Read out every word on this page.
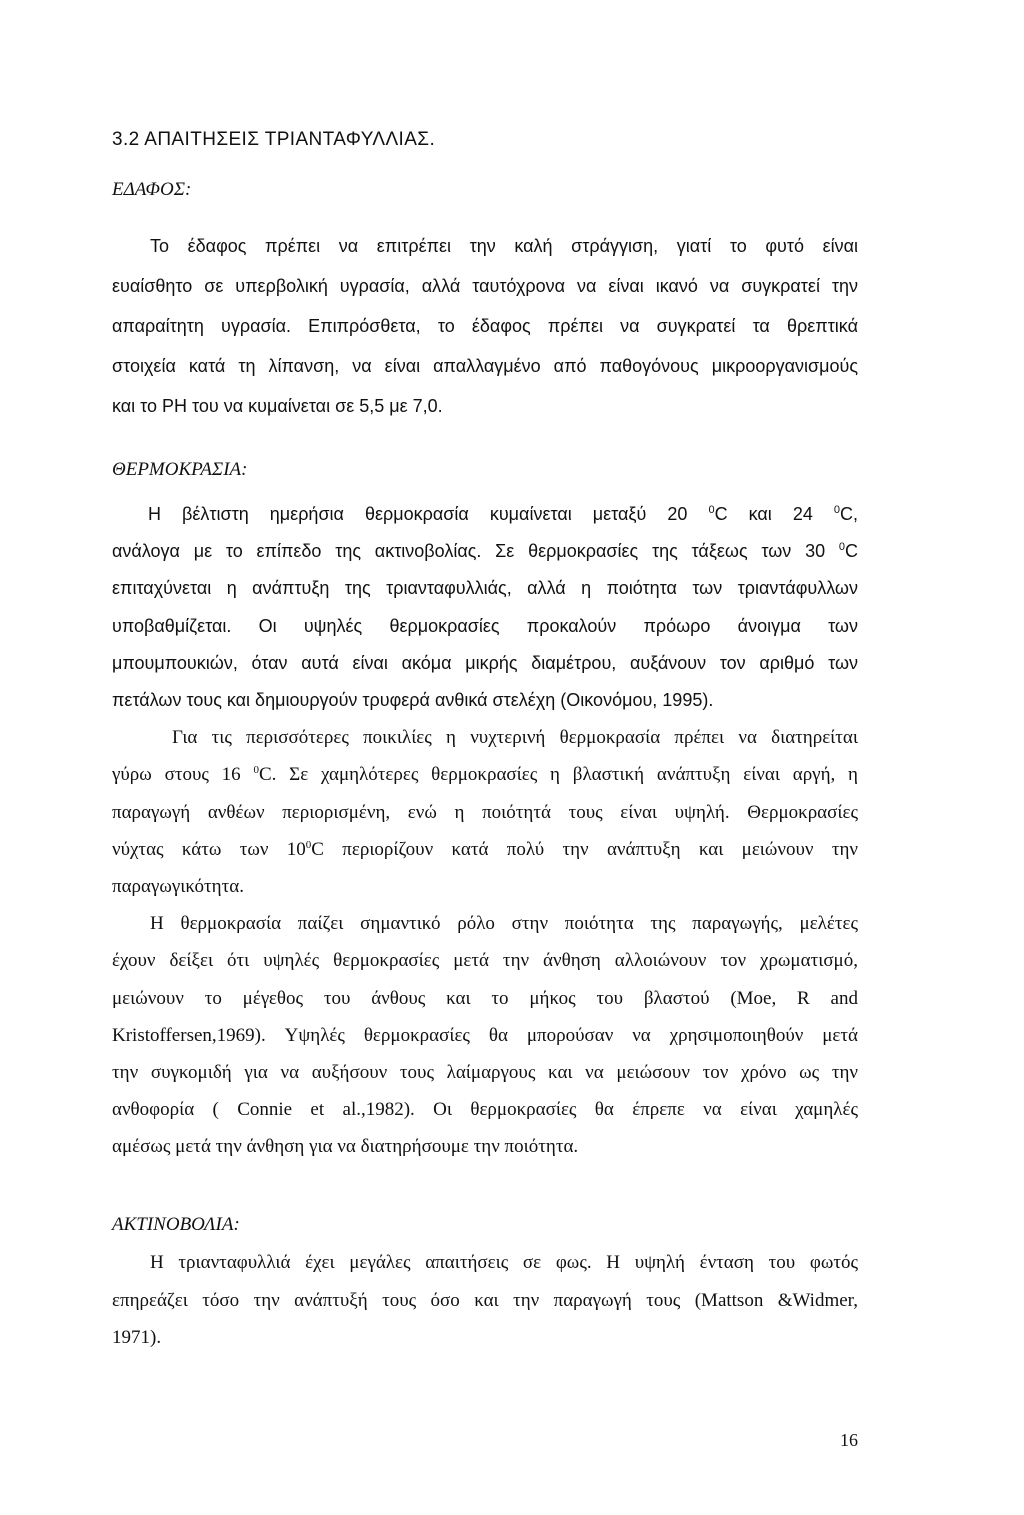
3.2 ΑΠΑΙΤΗΣΕΙΣ ΤΡΙΑΝΤΑΦΥΛΛΙΑΣ.
ΕΔΑΦΟΣ:
Το έδαφος πρέπει να επιτρέπει την καλή στράγγιση, γιατί το φυτό είναι
ευαίσθητο σε υπερβολική υγρασία, αλλά ταυτόχρονα να είναι ικανό να συγκρατεί την
απαραίτητη υγρασία. Επιπρόσθετα, το έδαφος πρέπει να συγκρατεί τα θρεπτικά
στοιχεία κατά τη λίπανση, να είναι απαλλαγμένο από παθογόνους μικροοργανισμούς
και το PH του να κυμαίνεται σε 5,5 με 7,0.
ΘΕΡΜΟΚΡΑΣΙΑ:
Η βέλτιστη ημερήσια θερμοκρασία κυμαίνεται μεταξύ 20 $^0$C και 24 $^0$C,
ανάλογα με το επίπεδο της ακτινοβολίας. Σε θερμοκρασίες της τάξεως των 30 $^0$C
επιταχύνεται η ανάπτυξη της τριανταφυλλιάς, αλλά η ποιότητα των τριαντάφυλλων
υποβαθμίζεται. Οι υψηλές θερμοκρασίες προκαλούν πρόωρο άνοιγμα των
μπουμπουκιών, όταν αυτά είναι ακόμα μικρής διαμέτρου, αυξάνουν τον αριθμό των
πετάλων τους και δημιουργούν τρυφερά ανθικά στελέχη (Οικονόμου, 1995).
Για τις περισσότερες ποικιλίες η νυχτερινή θερμοκρασία πρέπει να διατηρείται
γύρω στους 16 $^0$C. Σε χαμηλότερες θερμοκρασίες η βλαστική ανάπτυξη είναι αργή, η
παραγωγή ανθέων περιορισμένη, ενώ η ποιότητά τους είναι υψηλή. Θερμοκρασίες
νύχτας κάτω των $10^0C$ περιορίζουν κατά πολύ την ανάπτυξη και μειώνουν την
παραγωγικότητα.
Η θερμοκρασία παίζει σημαντικό ρόλο στην ποιότητα της παραγωγής, μελέτες
έχουν δείξει ότι υψηλές θερμοκρασίες μετά την άνθηση αλλοιώνουν τον χρωματισμό,
μειώνουν το μέγεθος του άνθους και το μήκος του βλαστού (Moe, R and
Kristoffersen,1969). Υψηλές θερμοκρασίες θα μπορούσαν να χρησιμοποιηθούν μετά
την συγκομιδή για να αυξήσουν τους λαίμαργους και να μειώσουν τον χρόνο ως την
ανθοφορία ( Connie et al.,1982). Οι θερμοκρασίες θα έπρεπε να είναι χαμηλές
αμέσως μετά την άνθηση για να διατηρήσουμε την ποιότητα.
ΑΚΤΙΝΟΒΟΛΙΑ:
Η τριανταφυλλιά έχει μεγάλες απαιτήσεις σε φως. Η υψηλή ένταση του φωτός
επηρεάζει τόσο την ανάπτυξή τους όσο και την παραγωγή τους (Mattson &Widmer,
1971).
16
